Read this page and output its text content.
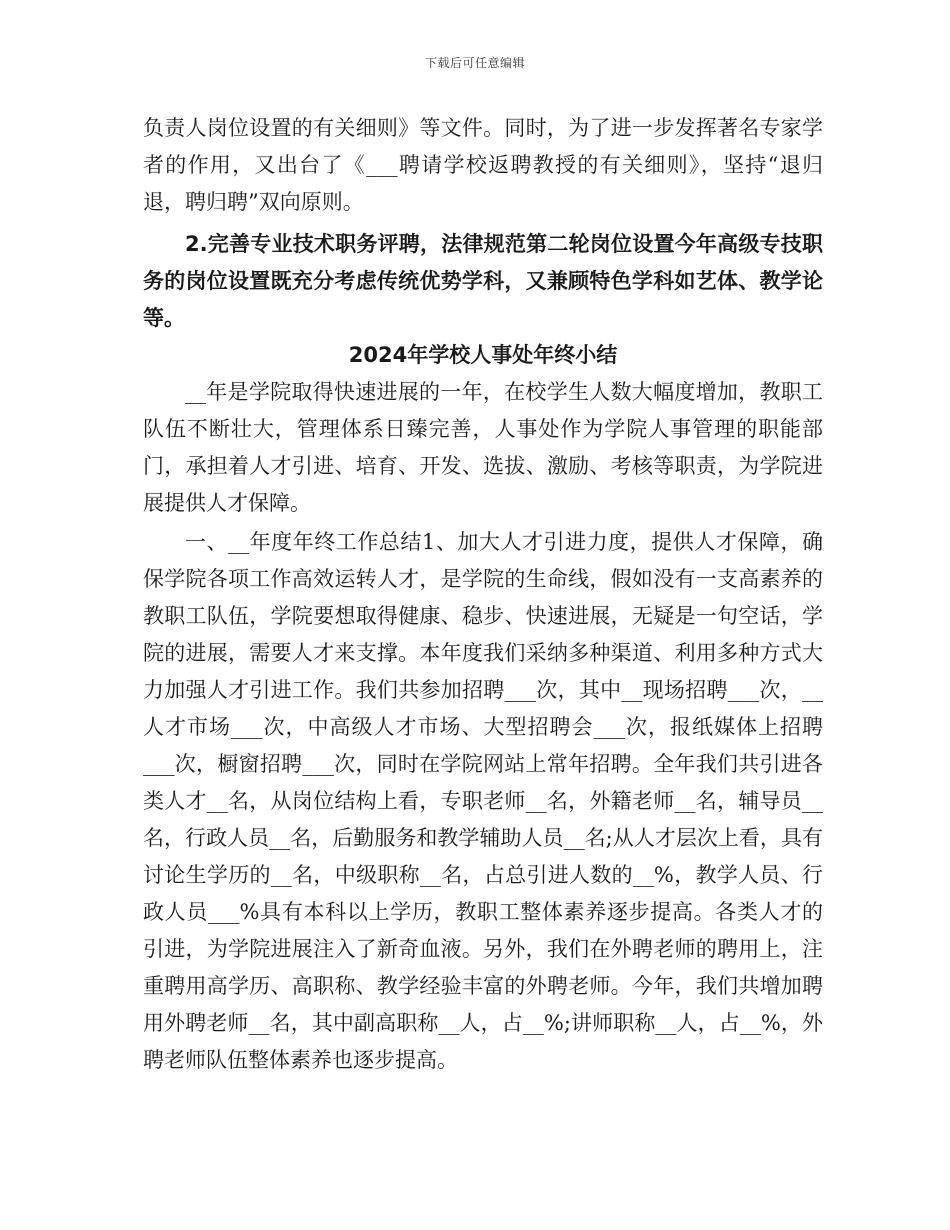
下载后可任意编辑

负责人岗位设置的有关细则》等文件。同时，为了进一步发挥著名专家学者的作用，又出台了《___聘请学校返聘教授的有关细则》，坚持“退归退，聘归聘”双向原则。

2.完善专业技术职务评聘，法律规范第二轮岗位设置今年高级专技职务的岗位设置既充分考虑传统优势学科，又兼顾特色学科如艺体、教学论等。

2024年学校人事处年终小结

__年是学院取得快速进展的一年，在校学生人数大幅度增加，教职工队伍不断壮大，管理体系日臻完善，人事处作为学院人事管理的职能部门，承担着人才引进、培育、开发、选拔、激励、考核等职责，为学院进展提供人才保障。

一、__年度年终工作总结1、加大人才引进力度，提供人才保障，确保学院各项工作高效运转人才，是学院的生命线，假如没有一支高素养的教职工队伍，学院要想取得健康、稳步、快速进展，无疑是一句空话，学院的进展，需要人才来支撑。本年度我们采纳多种渠道、利用多种方式大力加强人才引进工作。我们共参加招聘___次，其中__现场招聘___次，__人才市场___次，中高级人才市场、大型招聘会___次，报纸媒体上招聘___次，橱窗招聘___次，同时在学院网站上常年招聘。全年我们共引进各类人才__名，从岗位结构上看，专职老师__名，外籍老师__名，辅导员__名，行政人员__名，后勤服务和教学辅助人员__名;从人才层次上看，具有讨论生学历的__名，中级职称__名，占总引进人数的__%，教学人员、行政人员___%具有本科以上学历，教职工整体素养逐步提高。各类人才的引进，为学院进展注入了新奇血液。另外，我们在外聘老师的聘用上，注重聘用高学历、高职称、教学经验丰富的外聘老师。今年，我们共增加聘用外聘老师__名，其中副高职称__人，占__%;讲师职称__人，占__%，外聘老师队伍整体素养也逐步提高。
